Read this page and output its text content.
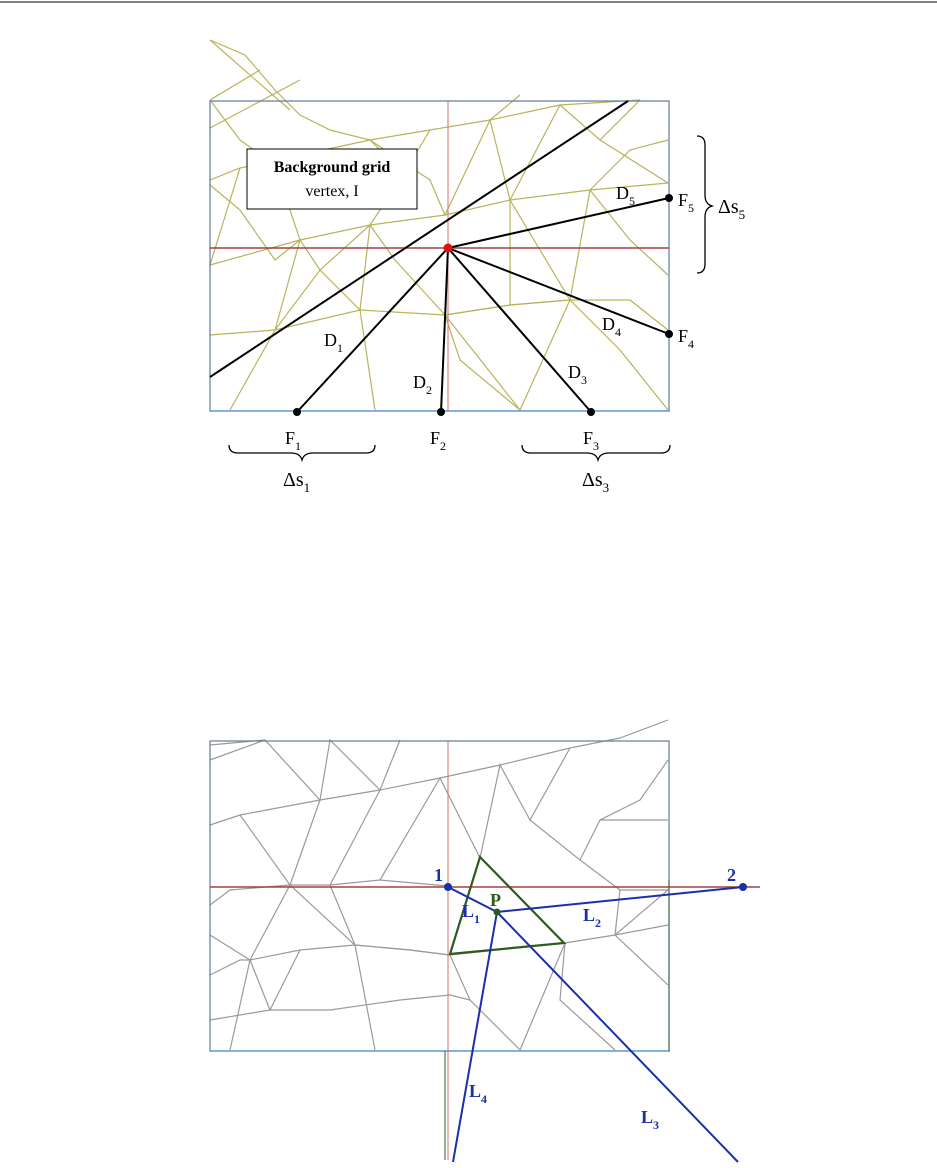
Background grid
vertex, I
$D_1$
$D_2$
$D_3$
$D_4$
$D_5$
$F_1$	$F_2$	$F_3$
$F_4$
$F_5$
$\Delta s_1$	$\Delta s_3$
$\Delta s_5$
1	2
P
$L_1$	$L_2$
$L_3$
$L_4$
